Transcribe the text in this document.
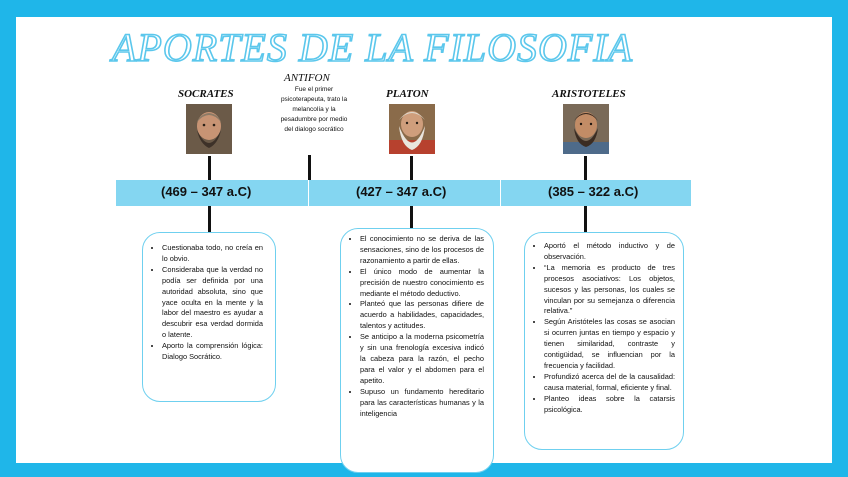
APORTES DE LA FILOSOFIA
SOCRATES	PLATON	ARISTOTELES
ANTIFON
Fue el primer psicoterapeuta, trato la melancolía y la pesadumbre por medio del dialogo socrático
(469 – 347 a.C)	(427 – 347 a.C)	(385 – 322 a.C)
• Cuestionaba todo, no creía en lo obvio.
• Consideraba que la verdad no podía ser definida por una autoridad absoluta, sino que yace oculta en la mente y la labor del maestro es ayudar a descubrir esa verdad dormida o latente.
• Aporto la comprensión lógica: Dialogo Socrático.
• El conocimiento no se deriva de las sensaciones, sino de los procesos de razonamiento a partir de ellas.
• El único modo de aumentar la precisión de nuestro conocimiento es mediante el método deductivo.
• Planteó que las personas difiere de acuerdo a habilidades, capacidades, talentos y actitudes.
• Se anticipo a la moderna psicometría y sin una frenología excesiva indicó la cabeza para la razón, el pecho para el valor y el abdomen para el apetito.
• Supuso un fundamento hereditario para las características humanas y la inteligencia
• Aportó el método inductivo y de observación.
• “La memoria es producto de tres procesos asociativos: Los objetos, sucesos y las personas, los cuales se vinculan por su semejanza o diferencia relativa.”
• Según Aristóteles las cosas se asocian si ocurren juntas en tiempo y espacio y tienen similaridad, contraste y contigüidad, se influencian por la frecuencia y facilidad.
• Profundizó acerca del de la causalidad: causa material, formal, eficiente y final.
• Planteo ideas sobre la catarsis psicológica.
